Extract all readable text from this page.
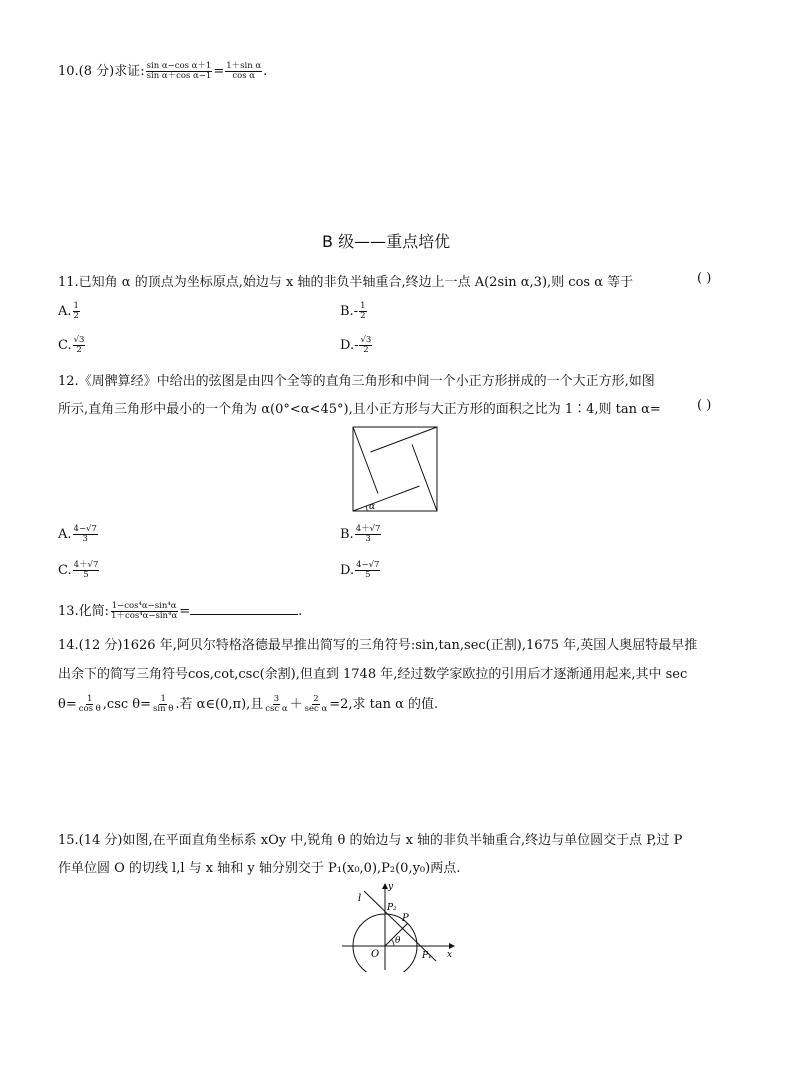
10.(8 分)求证: $\frac{\text{sin α−cos α＋1}}{\text{sin α＋cos α−1}} = \frac{\text{1＋sin α}}{\text{cos α}}$ .
B 级——重点培优
11.已知角 α 的顶点为坐标原点,始边与 x 轴的非负半轴重合,终边上一点 A(2sin α,3),则 cos α 等于	( )
A. $\frac{1}{2}$	$B.- \frac{1}{2}$
C. $\frac{√3}{2}$	$D.- \frac{√3}{2}$
12.《周髀算经》中给出的弦图是由四个全等的直角三角形和中间一个小正方形拼成的一个大正方形,如图
所示,直角三角形中最小的一个角为 α(0°<α<45°),且小正方形与大正方形的面积之比为 1∶4,则 tan α=	( )
α
A. $\frac{4-√7}{3}$	B. $\frac{4+√7}{3}$
C. $\frac{4+√7}{5}$	D. $\frac{4-√7}{5}$
13.化简: $\frac{\text{1−cos⁴α−sin⁴α}}{\text{1＋cos⁴α−sin⁴α}}$ =	.
14.(12 分)1626 年,阿贝尔特格洛德最早推出简写的三角符号:sin,tan,sec(正割),1675 年,英国人奥屈特最早推
出余下的简写三角符号cos,cot,csc(余割),但直到 1748 年,经过数学家欧拉的引用后才逐渐通用起来,其中 sec
$\theta= \frac{1}{\text{cos θ}} ,\csc$ $\theta= \frac{1}{\text{sin θ}}$ .若 α∈(0,π),且 $\frac{3}{\text{csc α}} + \frac{2}{\text{sec α}} =2$,求 tan α 的值.
15.(14 分)如图,在平面直角坐标系 xOy 中,锐角 θ 的始边与 x 轴的非负半轴重合,终边与单位圆交于点 P,过 P
作单位圆 O 的切线 l,l 与 x 轴和 y 轴分别交于 P₁(x₀,0),P₂(0,y₀)两点.
l
y
x
O
P
P₁
P₂
θ
